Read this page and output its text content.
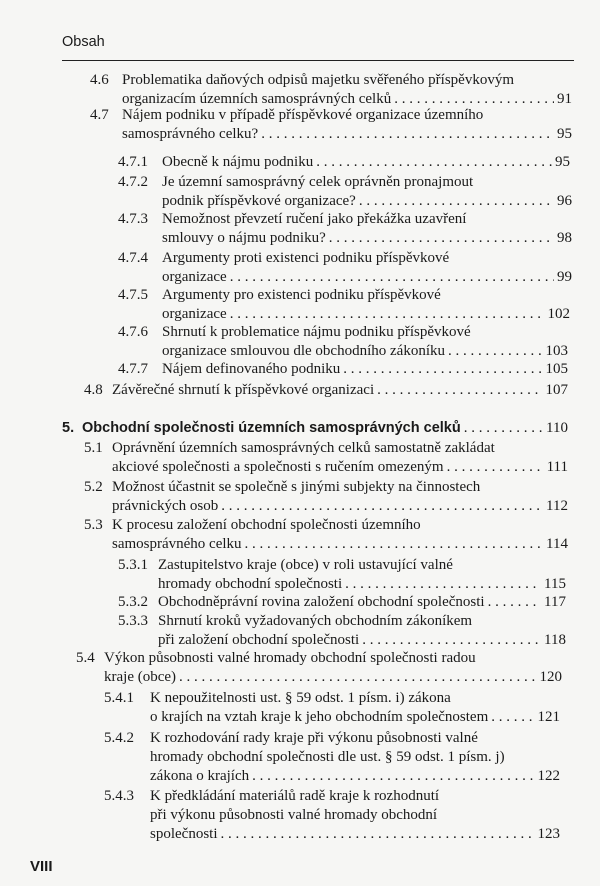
Obsah
4.6 Problematika daňových odpisů majetku svěřeného příspěvkovým
organizacím územních samosprávných celků . . .	91
4.7 Nájem podniku v případě příspěvkové organizace územního
samosprávného celku? . . .	95
4.7.1 Obecně k nájmu podniku . . .	95
4.7.2 Je územní samosprávný celek oprávněn pronajmout
podnik příspěvkové organizace? . . .	96
4.7.3 Nemožnost převzetí ručení jako překážka uzavření
smlouvy o nájmu podniku? . . .	98
4.7.4 Argumenty proti existenci podniku příspěvkové
organizace . . .	99
4.7.5 Argumenty pro existenci podniku příspěvkové
organizace . . .	102
4.7.6 Shrnutí k problematice nájmu podniku příspěvkové
organizace smlouvou dle obchodního zákoníku . . .	103
4.7.7 Nájem definovaného podniku . . .	105
4.8 Závěrečné shrnutí k příspěvkové organizaci . . .	107
5. Obchodní společnosti územních samosprávných celků . . .	110
5.1 Oprávnění územních samosprávných celků samostatně zakládat
akciové společnosti a společnosti s ručením omezeným . . .	111
5.2 Možnost účastnit se společně s jinými subjekty na činnostech
právnických osob . . .	112
5.3 K procesu založení obchodní společnosti územního
samosprávného celku . . .	114
5.3.1 Zastupitelstvo kraje (obce) v roli ustavující valné
hromady obchodní společnosti . . .	115
5.3.2 Obchodněprávní rovina založení obchodní společnosti . . .	117
5.3.3 Shrnutí kroků vyžadovaných obchodním zákoníkem
při založení obchodní společnosti . . .	118
5.4 Výkon působnosti valné hromady obchodní společnosti radou
kraje (obce) . . .	120
5.4.1 K nepoužitelnosti ust. § 59 odst. 1 písm. i) zákona
o krajích na vztah kraje k jeho obchodním společnostem . . .	121
5.4.2 K rozhodování rady kraje při výkonu působnosti valné
hromady obchodní společnosti dle ust. § 59 odst. 1 písm. j)
zákona o krajích . . .	122
5.4.3 K předkládání materiálů radě kraje k rozhodnutí
při výkonu působnosti valné hromady obchodní
společnosti . . .	123
VIII
